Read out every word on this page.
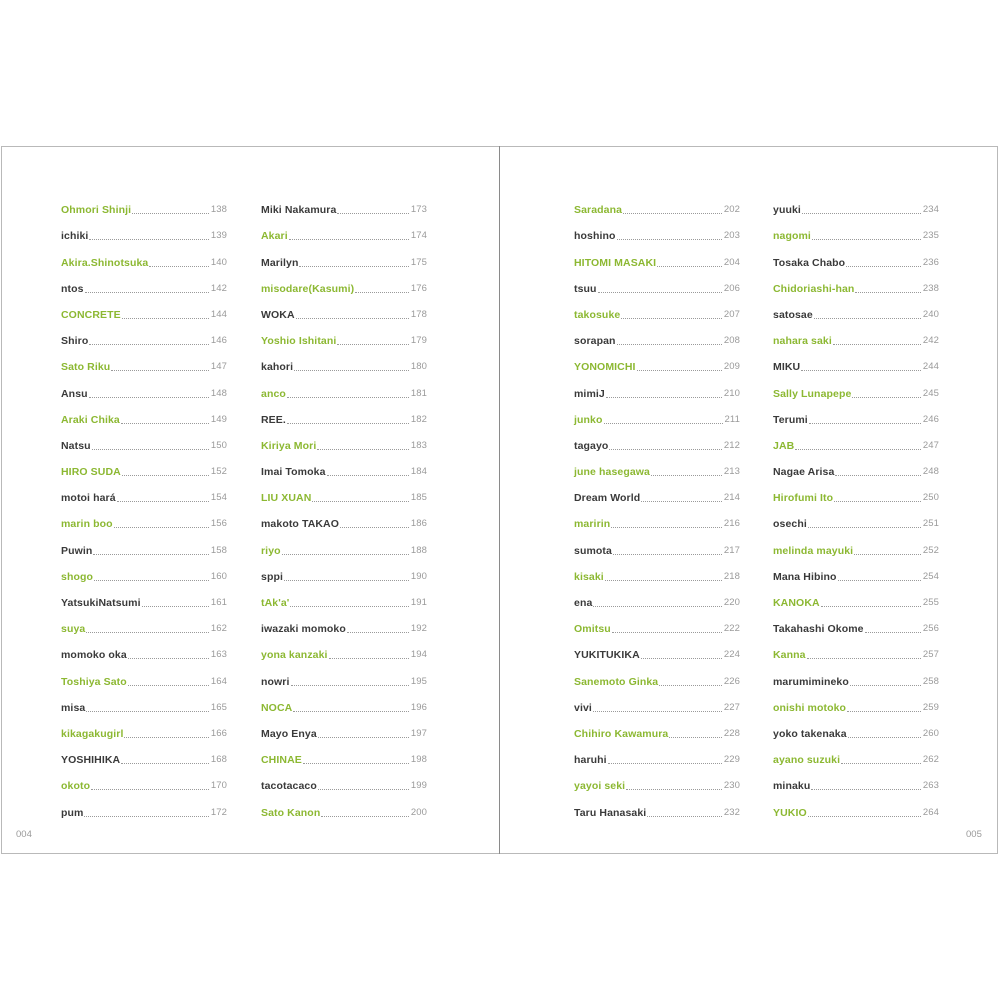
Ohmori Shinji	138
ichiki	139
Akira.Shinotsuka	140
ntos	142
CONCRETE	144
Shiro	146
Sato Riku	147
Ansu	148
Araki Chika	149
Natsu	150
HIRO SUDA	152
motoi hará	154
marin boo	156
Puwin	158
shogo	160
YatsukiNatsumi	161
suya	162
momoko oka	163
Toshiya Sato	164
misa	165
kikagakugirl	166
YOSHIHIKA	168
okoto	170
pum	172
Miki Nakamura	173
Akari	174
Marilyn	175
misodare(Kasumi)	176
WOKA	178
Yoshio Ishitani	179
kahori	180
anco	181
REE.	182
Kiriya Mori	183
Imai Tomoka	184
LIU XUAN	185
makoto TAKAO	186
riyo	188
sppi	190
tAk'a'	191
iwazaki momoko	192
yona kanzaki	194
nowri	195
NOCA	196
Mayo Enya	197
CHINAE	198
tacotacaco	199
Sato Kanon	200
004
Saradana	202
hoshino	203
HITOMI MASAKI	204
tsuu	206
takosuke	207
sorapan	208
YONOMICHI	209
mimiJ	210
junko	211
tagayo	212
june hasegawa	213
Dream World	214
maririn	216
sumota	217
kisaki	218
ena	220
Omitsu	222
YUKITUKIKA	224
Sanemoto Ginka	226
vivi	227
Chihiro Kawamura	228
haruhi	229
yayoi seki	230
Taru Hanasaki	232
yuuki	234
nagomi	235
Tosaka Chabo	236
Chidoriashi-han	238
satosae	240
nahara saki	242
MIKU	244
Sally Lunapepe	245
Terumi	246
JAB	247
Nagae Arisa	248
Hirofumi Ito	250
osechi	251
melinda mayuki	252
Mana Hibino	254
KANOKA	255
Takahashi Okome	256
Kanna	257
marumimineko	258
onishi motoko	259
yoko takenaka	260
ayano suzuki	262
minaku	263
YUKIO	264
005
